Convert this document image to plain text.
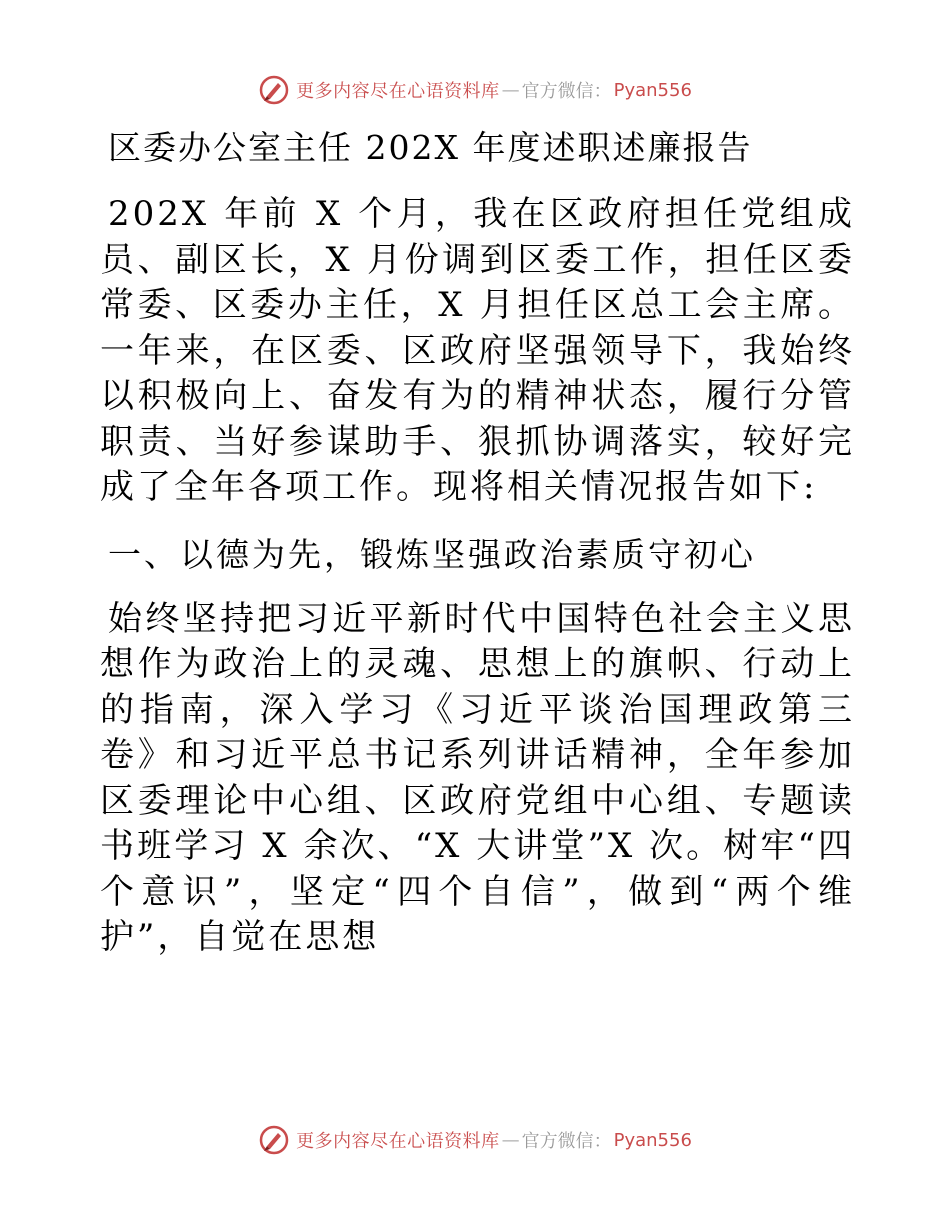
更多内容尽在心语资料库 — 官方微信： Pyan556
区委办公室主任 202X 年度述职述廉报告

202X 年前 X 个月，我在区政府担任党组成员、副区长，X 月份调到区委工作，担任区委常委、区委办主任，X 月担任区总工会主席。一年来，在区委、区政府坚强领导下，我始终以积极向上、奋发有为的精神状态，履行分管职责、当好参谋助手、狠抓协调落实，较好完成了全年各项工作。现将相关情况报告如下:

一、以德为先，锻炼坚强政治素质守初心

始终坚持把习近平新时代中国特色社会主义思想作为政治上的灵魂、思想上的旗帜、行动上的指南，深入学习《习近平谈治国理政第三卷》和习近平总书记系列讲话精神，全年参加区委理论中心组、区政府党组中心组、专题读书班学习 X 余次、“X 大讲堂”X 次。树牢“四个意识”，坚定“四个自信”，做到“两个维护”，自觉在思想

更多内容尽在心语资料库 — 官方微信： Pyan556
